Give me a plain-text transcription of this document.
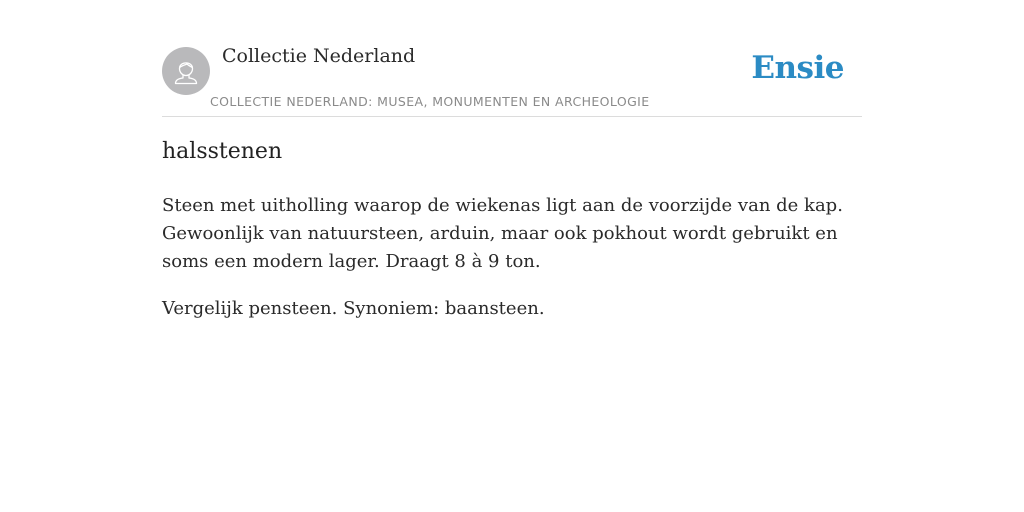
Collectie Nederland
COLLECTIE NEDERLAND: MUSEA, MONUMENTEN EN ARCHEOLOGIE
Ensie
halsstenen

Steen met uitholling waarop de wiekenas ligt aan de voorzijde van de kap. Gewoonlijk van natuursteen, arduin, maar ook pokhout wordt gebruikt en soms een modern lager. Draagt 8 à 9 ton.

Vergelijk pensteen. Synoniem: baansteen.
